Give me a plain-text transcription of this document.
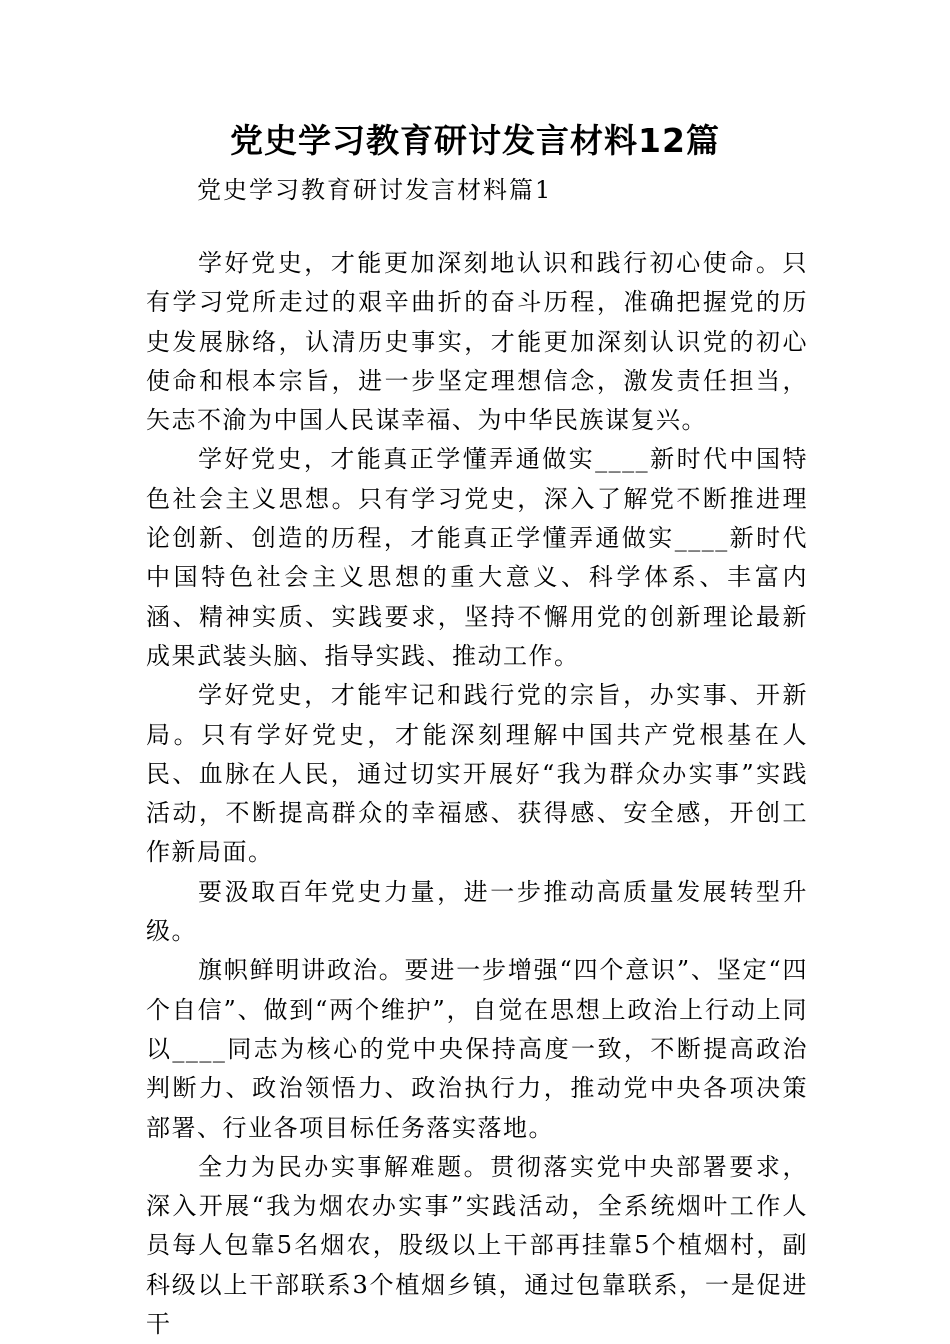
党史学习教育研讨发言材料12篇
党史学习教育研讨发言材料篇1

学好党史，才能更加深刻地认识和践行初心使命。只有学习党所走过的艰辛曲折的奋斗历程，准确把握党的历史发展脉络，认清历史事实，才能更加深刻认识党的初心使命和根本宗旨，进一步坚定理想信念，激发责任担当，矢志不渝为中国人民谋幸福、为中华民族谋复兴。

学好党史，才能真正学懂弄通做实____新时代中国特色社会主义思想。只有学习党史，深入了解党不断推进理论创新、创造的历程，才能真正学懂弄通做实____新时代中国特色社会主义思想的重大意义、科学体系、丰富内涵、精神实质、实践要求，坚持不懈用党的创新理论最新成果武装头脑、指导实践、推动工作。

学好党史，才能牢记和践行党的宗旨，办实事、开新局。只有学好党史，才能深刻理解中国共产党根基在人民、血脉在人民，通过切实开展好“我为群众办实事”实践活动，不断提高群众的幸福感、获得感、安全感，开创工作新局面。

要汲取百年党史力量，进一步推动高质量发展转型升级。

旗帜鲜明讲政治。要进一步增强“四个意识”、坚定“四个自信”、做到“两个维护”，自觉在思想上政治上行动上同以____同志为核心的党中央保持高度一致，不断提高政治判断力、政治领悟力、政治执行力，推动党中央各项决策部署、行业各项目标任务落实落地。

全力为民办实事解难题。贯彻落实党中央部署要求，深入开展“我为烟农办实事”实践活动，全系统烟叶工作人员每人包靠5名烟农，股级以上干部再挂靠5个植烟村，副科级以上干部联系3个植烟乡镇，通过包靠联系，一是促进干
